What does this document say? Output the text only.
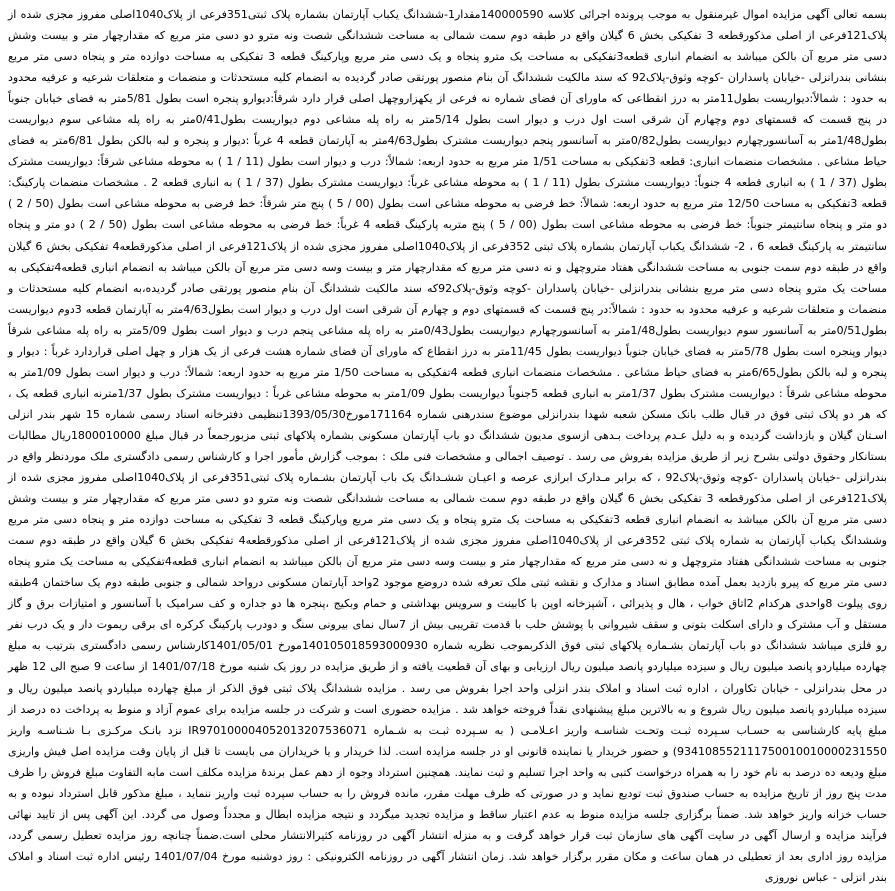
بسمه تعالی آگهی مزایده اموال غیرمنقول به موجب پرونده اجرائی کلاسه 140000590مقدار1-ششدانگ یکباب آپارتمان بشماره پلاک ثبتی351فرعی از پلاک1040اصلی مفروز مجزی شده از پلاک121فرعی از اصلی مذکورقطعه 3 تفکیکی بخش 6 گیلان واقع در طبقه دوم سمت شمالی به مساحت ششدانگی شصت ونه مترو دو دسی متر مربع که مقدارچهار متر و بیست وشش دسی متر مربع آن بالکن میباشد به انضمام انباری قطعه3تفکیکی به مساحت یک مترو پنجاه و یک دسی متر مربع وپارکینگ قطعه 3 تفکیکی به مساحت دوازده متر و پنجاه دسی متر مربع بنشانی بندرانزلی -خیابان پاسداران -کوچه وثوق-پلاک92 که سند مالکیت ششدانگ آن بنام منصور پورتقی صادر گردیده به انضمام کلیه مستحدثات و منضمات و متعلقات شرعیه و عرفیه محدود به حدود : شمالاً:دیواریست بطول11متر به درز انقطاعی که ماورای آن فضای شماره نه فرعی از یکهزاروچهل اصلی قرار دارد شرقاً:دیوارو پنجره است بطول 5/81متر به فضای خیابان جنوباً در پنج قسمت که قسمتهای دوم وچهارم آن شرقی است اول درب و دیوار است بطول 5/14متر به راه پله مشاعی دوم دیواریست بطول0/41متر به راه پله مشاعی سوم دیواریست بطول1/48متر به آسانسورچهارم دیواریست بطول0/82متر به آسانسور پنجم دیواریست مشترک بطول4/63متر به آپارتمان قطعه 4 غرباً :دیوار و پنجره و لبه بالکن بطول 6/81متر به فضای حیاط مشاعی . مشخصات منضمات انباری: قطعه 3تفکیکی به مساحت 1/51 متر مربع به حدود اربعه: شمالاً: درب و دیوار است بطول (11 / 1 ) به محوطه مشاعی شرقاً: دیواریست مشترک بطول (37 / 1 ) به انباری قطعه 4 جنوباً: دیواریست مشترک بطول (11 / 1 ) به محوطه مشاعی غرباً: دیواریست مشترک بطول (37 / 1 ) به انباری قطعه 2 . مشخصات منضمات پارکینگ: قطعه 3تفکیکی به مساحت 12/50 متر مربع به حدود اربعه: شمالاً: خط فرضی به محوطه مشاعی است بطول (00 / 5 ) پنج متر شرقاً: خط فرضی به محوطه مشاعی است بطول (50 / 2 ) دو متر و پنجاه سانتیمتر جنوباً: خط فرضی به محوطه مشاعی است بطول (00 / 5 ) پنج متربه پارکینگ قطعه 4 غرباً: خط فرضی به محوطه مشاعی است بطول (50 / 2 ) دو متر و پنجاه سانتیمتر به پارکینگ قطعه 6 ، 2- ششدانگ یکباب آپارتمان بشماره پلاک ثبتی 352فرعی از پلاک1040اصلی مفروز مجزی شده از پلاک121فرعی از اصلی مذکورقطعه4 تفکیکی بخش 6 گیلان واقع در طبقه دوم سمت جنوبی به مساحت ششدانگی هفتاد متروچهل و نه دسی متر مربع که مقدارچهار متر و بیست وسه دسی متر مربع آن بالکن میباشد به انضمام انباری قطعه4تفکیکی به مساحت یک مترو پنجاه دسی متر مربع بنشانی بندرانزلی -خیابان پاسداران -کوچه وثوق-پلاک92که سند مالکیت ششدانگ آن بنام منصور پورتقی صادر گردیده،به انضمام کلیه مستحدثات و منضمات و متعلقات شرعیه و عرفیه محدود به حدود : شمالاً:در پنج قسمت که قسمتهای دوم و چهارم آن شرقی است اول درب و دیوار است بطول4/63متر به آپارتمان قطعه 3دوم دیواریست بطول0/51متر به آسانسور سوم دیواریست بطول1/48متر به آسانسورچهارم دیواریست بطول0/43متر به راه پله مشاعی پنجم درب و دیوار است بطول 5/09متر به راه پله مشاعی شرقاً دیوار وپنجره است بطول 5/78متر به فضای خیابان جنوباً دیواریست بطول 11/45متر به درز انقطاع که ماورای آن فضای شماره هشت فرعی از یک هزار و چهل اصلی قراردارد غرباً : دیوار و پنجره و لبه بالکن بطول6/65متر به فضای حیاط مشاعی . مشخصات منضمات انباری قطعه 4تفکیکی به مساحت 1/50 متر مربع به حدود اربعه: شمالاً: درب و دیوار است بطول 1/09متر به محوطه مشاعی شرقاً : دیواریست مشترک بطول 1/37متر به انباری قطعه 5جنوباً دیواریست بطول 1/09متر به محوطه مشاعی غرباً : دیواریست مشترک بطول 1/37مترنه انباری قطعه یک ، که هر دو پلاک ثبتی فوق در قبال طلب بانک مسکن شعبه شهدا بندرانزلی موضوع سندرهنی شماره 171164مورخ1393/05/30تنظیمی دفترخانه اسناد رسمی شماره 15 شهر بندر انزلی اسـتان گیلان و بازداشت گردیده و به دلیل عـدم پرداخت بـدهی ازسوی مدیون ششدانگ دو باب آپارتمان مسکونی بشماره پلاکهای ثبتی مزبورجمعاً در قبال مبلغ 1800010000ریال مطالبات بستانکار وحقوق دولتی بشرح زیر از طریق مزایده بفروش می رسد . توصیف اجمالی و مشخصات فنی ملک : بموجب گزارش مأمور اجرا و کارشناس رسمی دادگستری ملک موردنظر واقع در بندرانزلی -خیابان پاسداران -کوچه وثوق-پلاک92 ، که برابر مـدارک ابرازی عرصه و اعیـان ششـدانگ یک باب آپارتمان بشـماره پلاک ثبتی351فرعی از پلاک1040اصلی مفروز مجزی شده از پلاک121فرعی از اصلی مذکورقطعه 3 تفکیکی بخش 6 گیلان واقع در طبقه دوم سمت شمالی به مساحت ششدانگی شصت ونه مترو دو دسی متر مربع که مقدارچهار متر و بیست وشش دسی متر مربع آن بالکن میباشد به انضمام انباری قطعه 3تفکیکی به مساحت یک مترو پنجاه و یک دسی متر مربع وپارکینگ قطعه 3 تفکیکی به مساحت دوازده متر و پنجاه دسی متر مربع وششدانگ یکباب آپارتمان به شماره پلاک ثبتی 352فرعی از پلاک1040اصلی مفروز مجزی شده از پلاک121فرعی از اصلی مذکورقطعه4 تفکیکی بخش 6 گیلان واقع در طبقه دوم سمت جنوبی به مساحت ششدانگی هفتاد متروچهل و نه دسی متر مربع که مقدارچهار متر و بیست وسه دسی متر مربع آن بالکن میباشد به انضمام انباری قطعه4تفکیکی به مساحت یک مترو پنجاه دسی متر مربع که پیرو بازدید بعمل آمده مطابق اسناد و مدارک و نقشه ثبتی ملک تعرفه شده دروضع موجود 2واحد آپارتمان مسکونی درواحد شمالی و جنوبی طبقه دوم یک ساختمان 4طبقه روی پیلوت 8واحدی هرکدام 2اتاق خواب ، هال و پذیرائی ، آشپزخانه اوپن با کابینت و سرویس بهداشتی و حمام وبکیج ،پنجره ها دو جداره و کف سرامیک با آسانسور و امتیازات برق و گاز مستقل و آب مشترک و دارای اسکلت بتونی و سقف شیروانی با پوشش حلب با قدمت تقریبی بیش از 7سال نمای بیرونی سنگ و دودرب پارکینگ کرکره ای برقی ریموت دار و یک درب نفر رو فلزی میباشد ششدانگ دو باب آپارتمان بشـماره پلاکهای ثبتی فوق الذکربموجب نظریه شماره 140105018593000930مورخ 1401/05/01کارشناس رسمی دادگستری بترتیب به مبلغ چهارده میلیاردو پانصد میلیون ریال و سیزده میلیاردو پانصد میلیون ریال ارزیابی و بهای آن قطعیت یافته و از طریق مزایده در روز یک شنبه مورخ 1401/07/18 از ساعت 9 صبح الی 12 ظهر در محل بندرانزلی - خیابان تکاوران ، اداره ثبت اسناد و املاک بندر انزلی واحد اجرا بفروش می رسد . مزایده ششدانگ پلاک ثبتی فوق الذکر از مبلغ چهارده میلیاردو پانصد میلیون ریال و سیزده میلیاردو پانصد میلیون ریال شروع و به بالاترین مبلغ پیشنهادی نقداً فروخته خواهد شد . مزایده حضوری است و شرکت در جلسه مزایده برای عموم آزاد و منوط به پرداخت ده درصد از مبلغ پایه کارشناسی به حسـاب سـپرده ثبـت وتحـت شناسـه واریز اعـلامـی ( به سـپرده ثبـت به شـماره IR970100004052013207536071 نزد بانـک مرکـزی بـا شـناسـه واریز 934108552111750010010000231550) و حضور خریدار یا نماینده قانونی او در جلسه مزایده است. لذا خریدار و یا خریداران می بایست تا قبل از پایان وقت مزایده اصل فیش واریزی مبلغ ودیعه ده درصد به نام خود را به همراه درخواست کتبی به واحد اجرا تسلیم و ثبت نمایند. همچنین استرداد وجوه از دهم عمل برندۀ مزایده مکلف است مابه التفاوت مبلغ فروش را ظرف مدت پنج روز از تاریخ مزایده به حساب صندوق ثبت تودیع نماید و در صورتی که ظرف مهلت مقرر، مانده فروش را به حساب سپرده ثبت واریز ننماید ، مبلغ مذکور قابل استرداد نبوده و به حساب خزانه واریز خواهد شد. ضمناً برگزاری جلسه مزایده منوط به عدم اعتبار ساقط و مزایده تجدید میگردد و نتیجه مزایده ابطال و مجدداً وصول می گردد. این آگهی پس از تایید نهائی فرآیند مزایده و ارسال آگهی در سایت آگهی های سازمان ثبت قرار خواهد گرفت و به منزله انتشار آگهی در روزنامه کثیرالانتشار محلی است.ضمناً چنانچه روز مزایده تعطیل رسمی گردد، مزایده روز اداری بعد از تعطیلی در همان ساعت و مکان مقرر برگزار خواهد شد. زمان انتشار آگهی در روزنامه الکترونیکی : روز دوشنبه مورخ 1401/07/04 رئیس اداره ثبت اسناد و املاک بندر انزلی - عباس نوروزی
